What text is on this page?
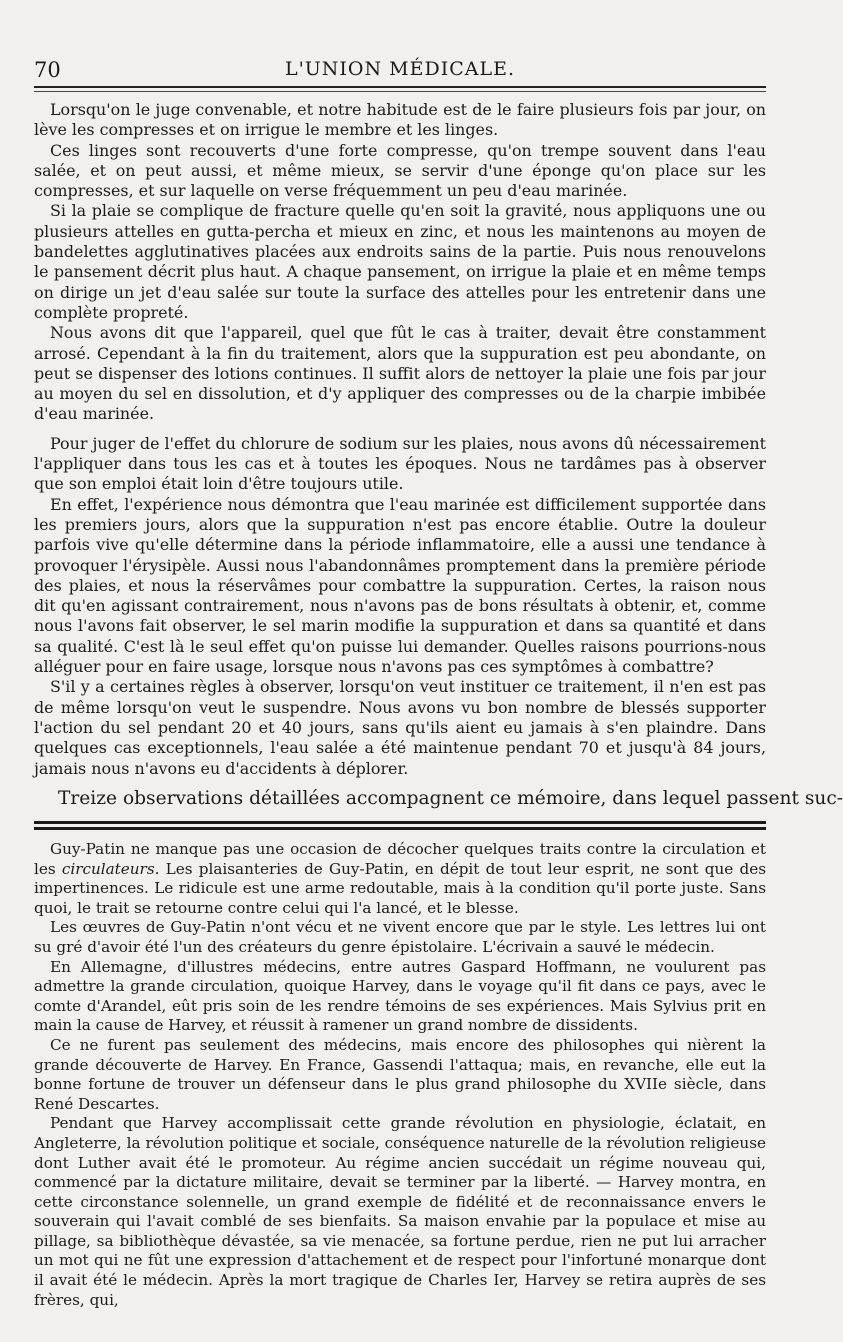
70	L'UNION MÉDICALE.

Lorsqu'on le juge convenable, et notre habitude est de le faire plusieurs fois par jour, on lève les compresses et on irrigue le membre et les linges.

Ces linges sont recouverts d'une forte compresse, qu'on trempe souvent dans l'eau salée, et on peut aussi, et même mieux, se servir d'une éponge qu'on place sur les compresses, et sur laquelle on verse fréquemment un peu d'eau marinée.

Si la plaie se complique de fracture quelle qu'en soit la gravité, nous appliquons une ou plusieurs attelles en gutta-percha et mieux en zinc, et nous les maintenons au moyen de bandelettes agglutinatives placées aux endroits sains de la partie. Puis nous renouvelons le pansement décrit plus haut. A chaque pansement, on irrigue la plaie et en même temps on dirige un jet d'eau salée sur toute la surface des attelles pour les entretenir dans une complète propreté.

Nous avons dit que l'appareil, quel que fût le cas à traiter, devait être constamment arrosé. Cependant à la fin du traitement, alors que la suppuration est peu abondante, on peut se dispenser des lotions continues. Il suffit alors de nettoyer la plaie une fois par jour au moyen du sel en dissolution, et d'y appliquer des compresses ou de la charpie imbibée d'eau marinée.

Pour juger de l'effet du chlorure de sodium sur les plaies, nous avons dû nécessairement l'appliquer dans tous les cas et à toutes les époques. Nous ne tardâmes pas à observer que son emploi était loin d'être toujours utile.

En effet, l'expérience nous démontra que l'eau marinée est difficilement supportée dans les premiers jours, alors que la suppuration n'est pas encore établie. Outre la douleur parfois vive qu'elle détermine dans la période inflammatoire, elle a aussi une tendance à provoquer l'érysipèle. Aussi nous l'abandonnâmes promptement dans la première période des plaies, et nous la réservâmes pour combattre la suppuration. Certes, la raison nous dit qu'en agissant contrairement, nous n'avons pas de bons résultats à obtenir, et, comme nous l'avons fait observer, le sel marin modifie la suppuration et dans sa quantité et dans sa qualité. C'est là le seul effet qu'on puisse lui demander. Quelles raisons pourrions-nous alléguer pour en faire usage, lorsque nous n'avons pas ces symptômes à combattre?

S'il y a certaines règles à observer, lorsqu'on veut instituer ce traitement, il n'en est pas de même lorsqu'on veut le suspendre. Nous avons vu bon nombre de blessés supporter l'action du sel pendant 20 et 40 jours, sans qu'ils aient eu jamais à s'en plaindre. Dans quelques cas exceptionnels, l'eau salée a été maintenue pendant 70 et jusqu'à 84 jours, jamais nous n'avons eu d'accidents à déplorer.

Treize observations détaillées accompagnent ce mémoire, dans lequel passent suc-

Guy-Patin ne manque pas une occasion de décocher quelques traits contre la circulation et les circulateurs. Les plaisanteries de Guy-Patin, en dépit de tout leur esprit, ne sont que des impertinences. Le ridicule est une arme redoutable, mais à la condition qu'il porte juste. Sans quoi, le trait se retourne contre celui qui l'a lancé, et le blesse.

Les œuvres de Guy-Patin n'ont vécu et ne vivent encore que par le style. Les lettres lui ont su gré d'avoir été l'un des créateurs du genre épistolaire. L'écrivain a sauvé le médecin.

En Allemagne, d'illustres médecins, entre autres Gaspard Hoffmann, ne voulurent pas admettre la grande circulation, quoique Harvey, dans le voyage qu'il fit dans ce pays, avec le comte d'Arandel, eût pris soin de les rendre témoins de ses expériences. Mais Sylvius prit en main la cause de Harvey, et réussit à ramener un grand nombre de dissidents.

Ce ne furent pas seulement des médecins, mais encore des philosophes qui nièrent la grande découverte de Harvey. En France, Gassendi l'attaqua; mais, en revanche, elle eut la bonne fortune de trouver un défenseur dans le plus grand philosophe du XVIIe siècle, dans René Descartes.

Pendant que Harvey accomplissait cette grande révolution en physiologie, éclatait, en Angleterre, la révolution politique et sociale, conséquence naturelle de la révolution religieuse dont Luther avait été le promoteur. Au régime ancien succédait un régime nouveau qui, commencé par la dictature militaire, devait se terminer par la liberté. — Harvey montra, en cette circonstance solennelle, un grand exemple de fidélité et de reconnaissance envers le souverain qui l'avait comblé de ses bienfaits. Sa maison envahie par la populace et mise au pillage, sa bibliothèque dévastée, sa vie menacée, sa fortune perdue, rien ne put lui arracher un mot qui ne fût une expression d'attachement et de respect pour l'infortuné monarque dont il avait été le médecin. Après la mort tragique de Charles Ier, Harvey se retira auprès de ses frères, qui,
